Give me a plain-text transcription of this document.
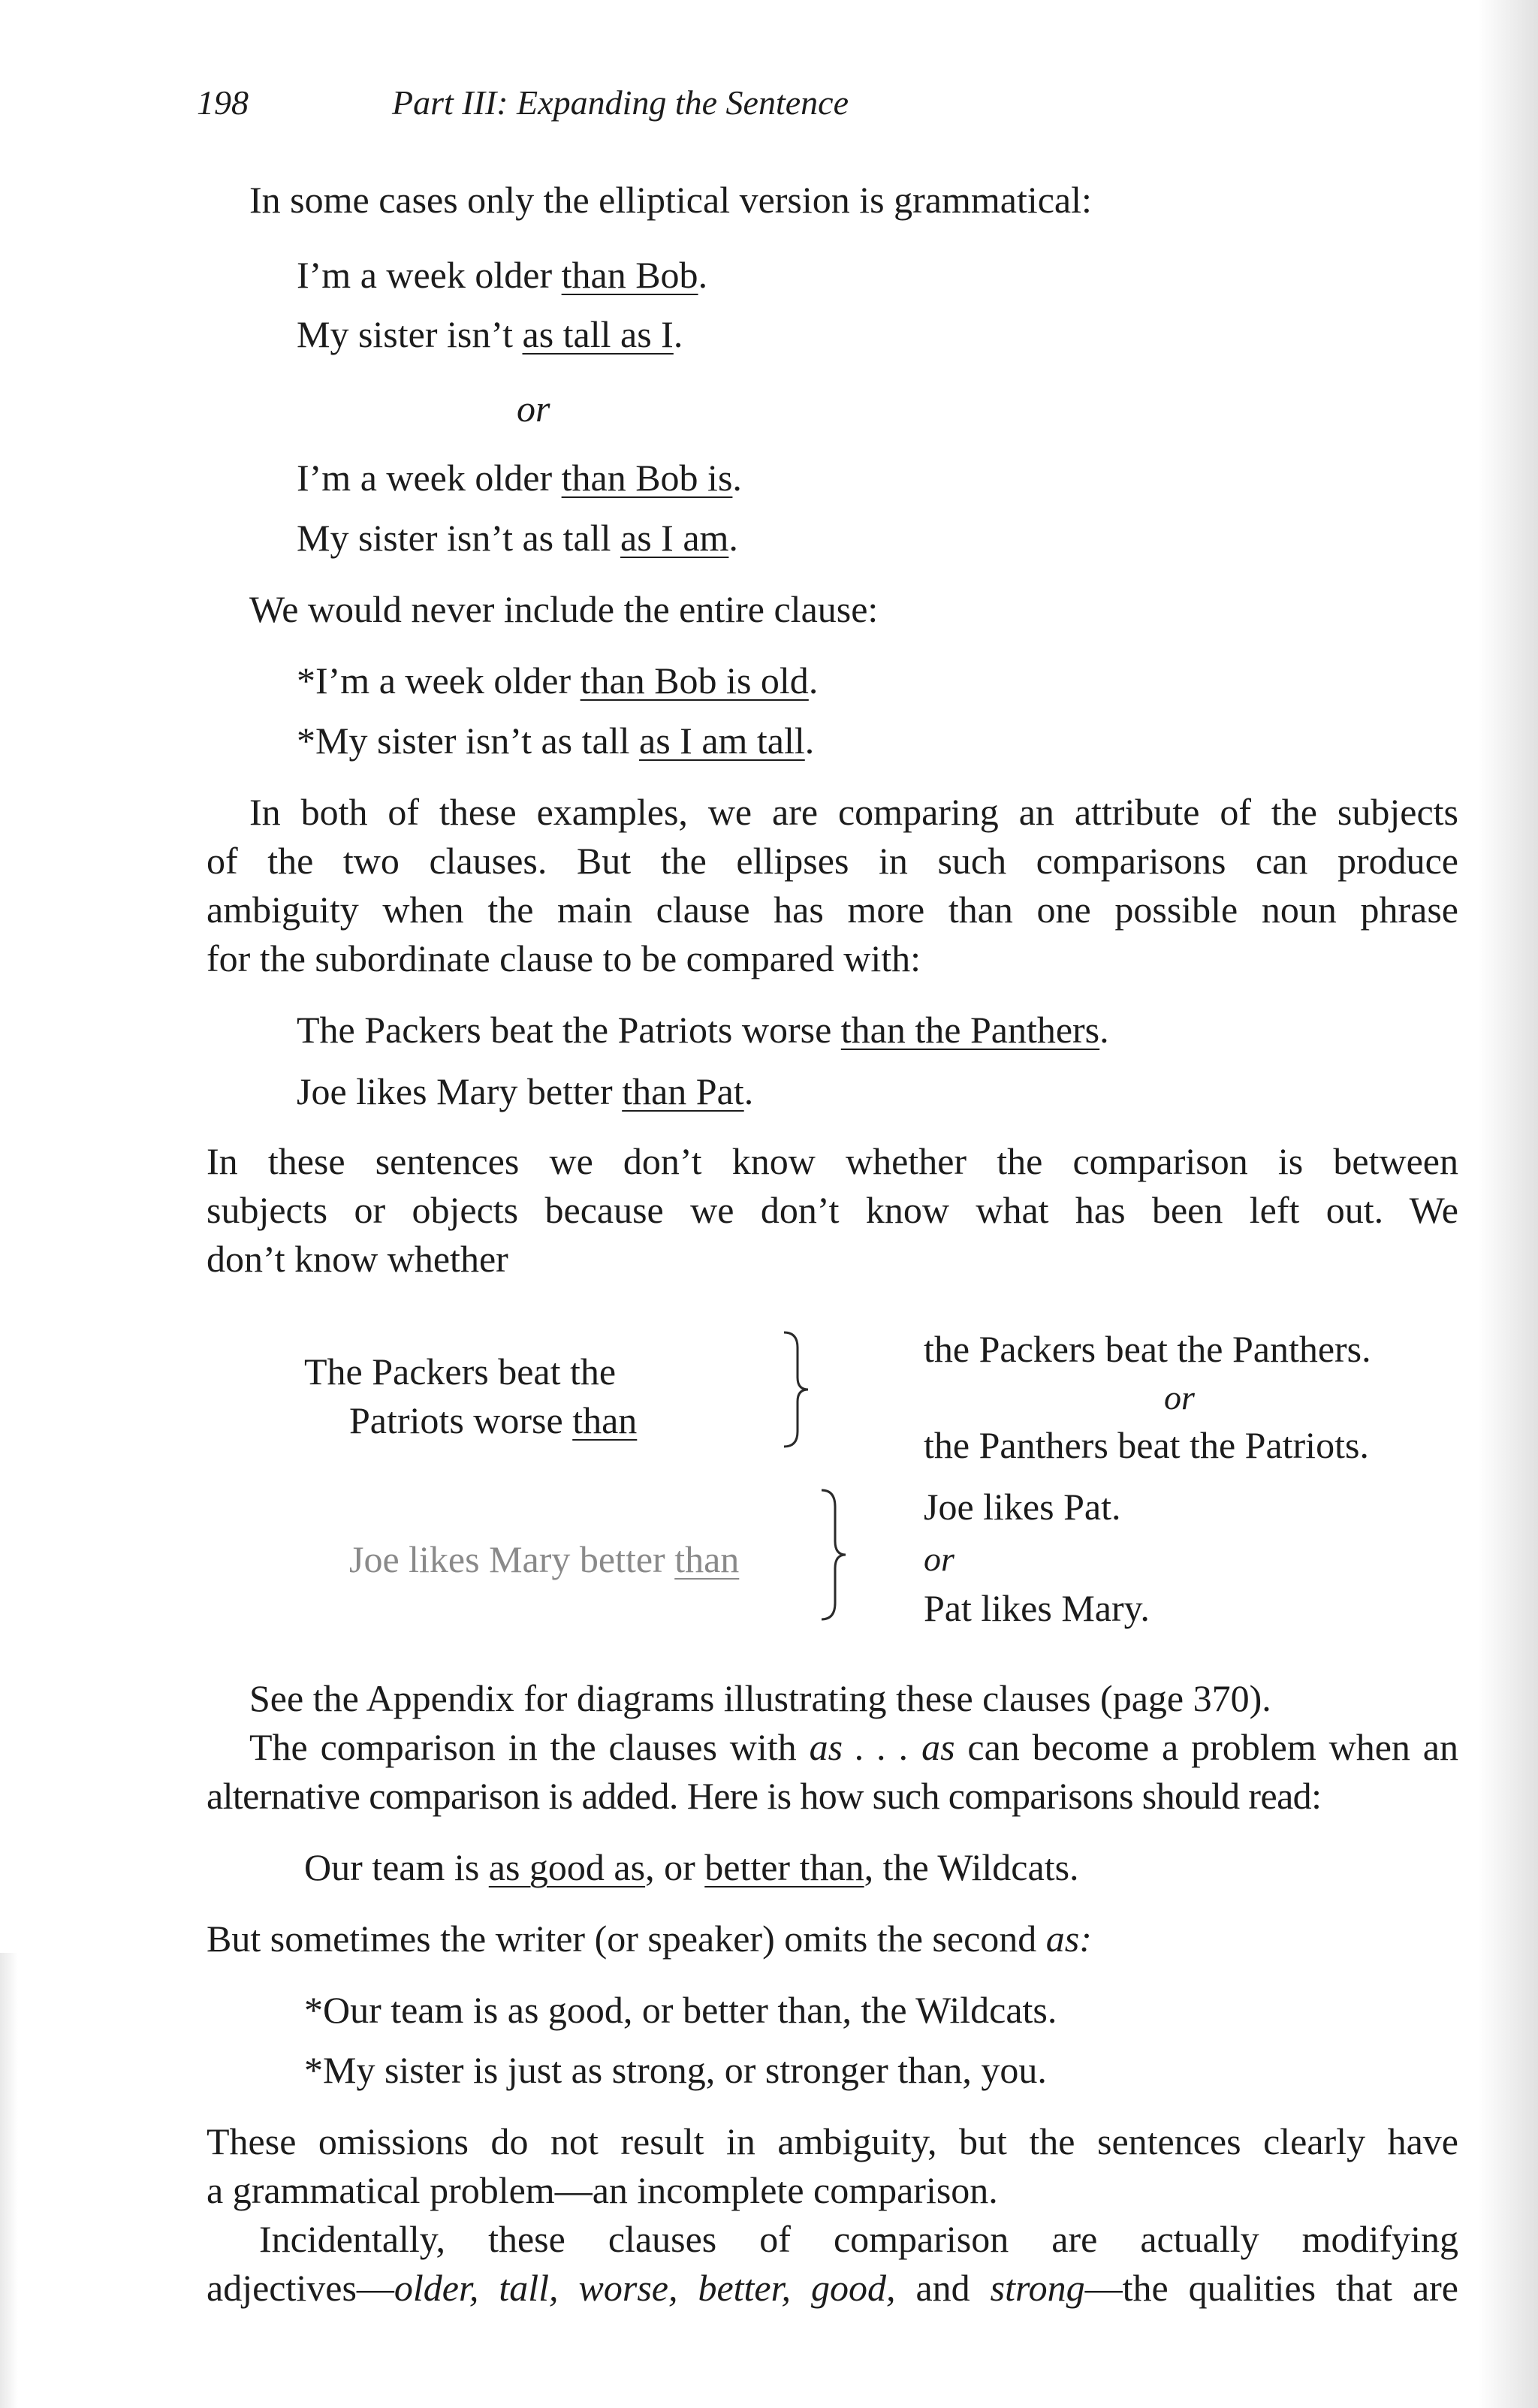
198	Part III: Expanding the Sentence
In some cases only the elliptical version is grammatical:
I’m a week older than Bob.
My sister isn’t as tall as I.
or
I’m a week older than Bob is.
My sister isn’t as tall as I am.
We would never include the entire clause:
*I’m a week older than Bob is old.
*My sister isn’t as tall as I am tall.
In both of these examples, we are comparing an attribute of the subjects
of the two clauses. But the ellipses in such comparisons can produce
ambiguity when the main clause has more than one possible noun phrase
for the subordinate clause to be compared with:
The Packers beat the Patriots worse than the Panthers.
Joe likes Mary better than Pat.
In these sentences we don’t know whether the comparison is between
subjects or objects because we don’t know what has been left out. We
don’t know whether
The Packers beat the
Patriots worse than
the Packers beat the Panthers.
or
the Panthers beat the Patriots.
Joe likes Mary better than
Joe likes Pat.
or
Pat likes Mary.
See the Appendix for diagrams illustrating these clauses (page 370).
The comparison in the clauses with as . . . as can become a problem when an
alternative comparison is added. Here is how such comparisons should read:
Our team is as good as, or better than, the Wildcats.
But sometimes the writer (or speaker) omits the second as:
*Our team is as good, or better than, the Wildcats.
*My sister is just as strong, or stronger than, you.
These omissions do not result in ambiguity, but the sentences clearly have
a grammatical problem—an incomplete comparison.
Incidentally, these clauses of comparison are actually modifying
adjectives—older, tall, worse, better, good, and strong—the qualities that are
